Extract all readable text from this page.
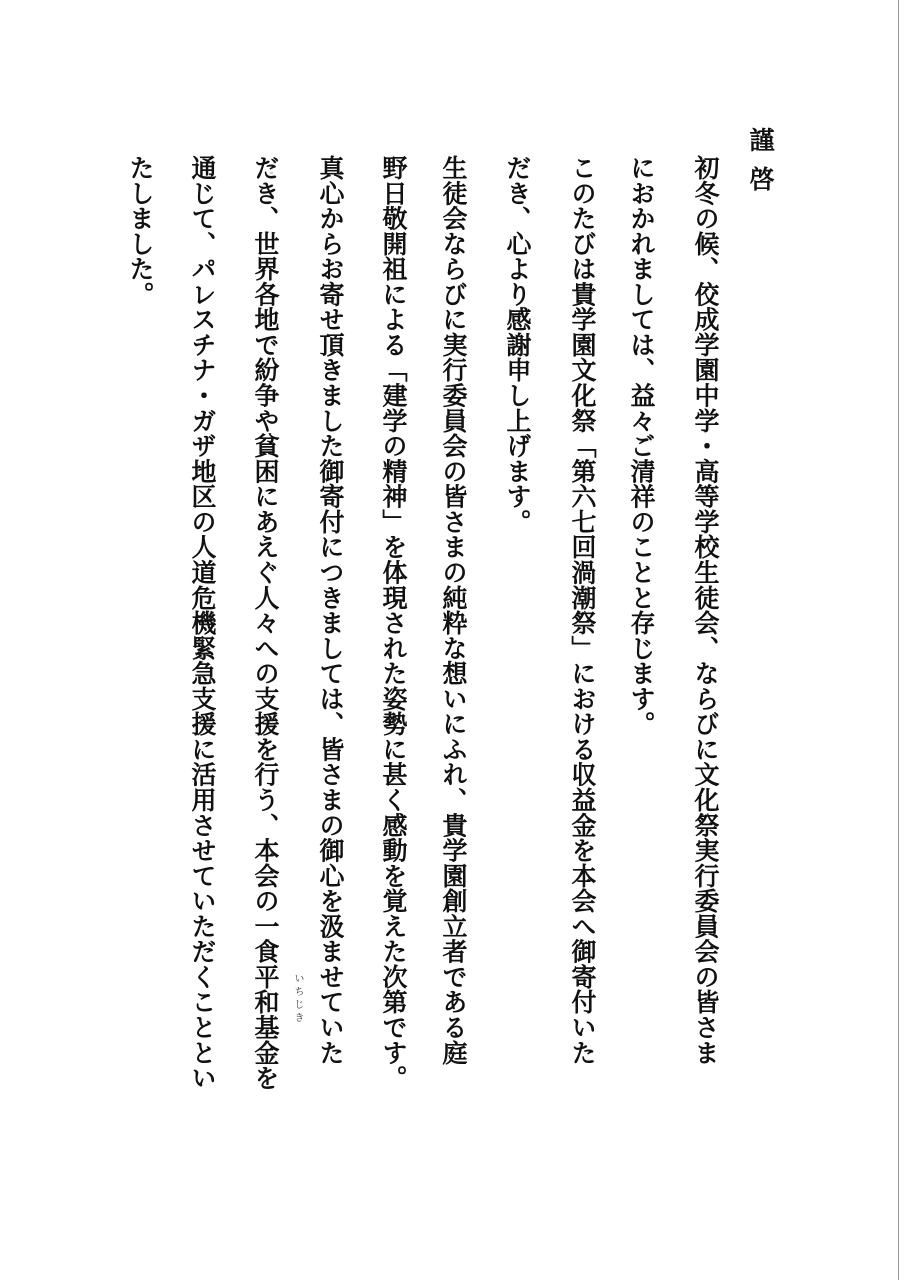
謹啓
初冬の候、佼成学園中学・高等学校生徒会、ならびに文化祭実行委員会の皆さま
におかれましては、益々ご清祥のことと存じます。
このたびは貴学園文化祭「第六七回渦潮祭」における収益金を本会へ御寄付いた
だき、心より感謝申し上げます。
生徒会ならびに実行委員会の皆さまの純粋な想いにふれ、貴学園創立者である庭
野日敬開祖による「建学の精神」を体現された姿勢に甚く感動を覚えた次第です。
真心からお寄せ頂きました御寄付につきましては、皆さまの御心を汲ませていた
だき、世界各地で紛争や貧困にあえぐ人々への支援を行う、本会の一食平和基金を
通じて、パレスチナ・ガザ地区の人道危機緊急支援に活用させていただくこととい
たしました。
いちじき
